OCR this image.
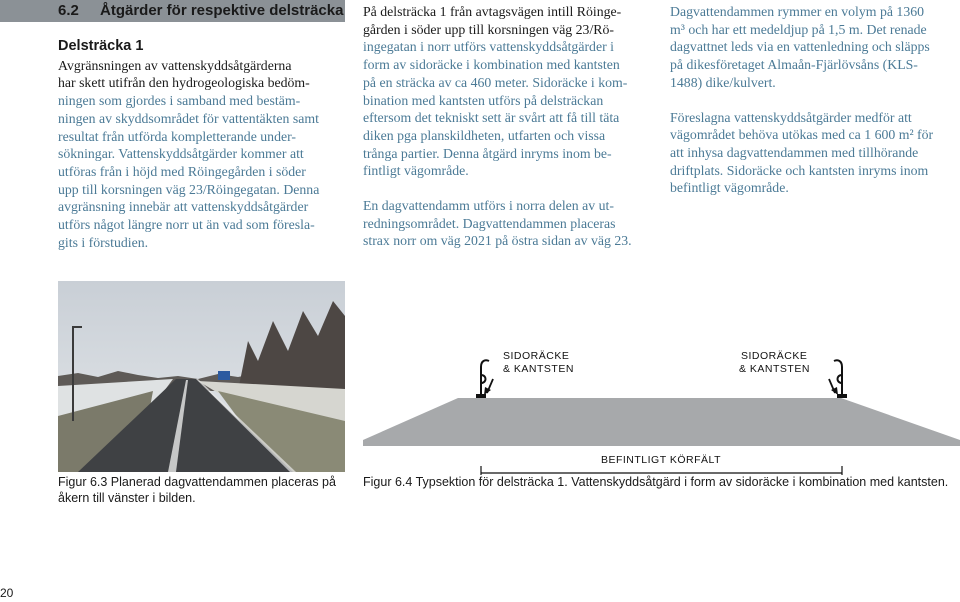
6.2 Åtgärder för respektive delsträcka

Delsträcka 1

Avgränsningen av vattenskyddsåtgärderna

har skett utifrån den hydrogeologiska bedöm-

ningen som gjordes i samband med bestäm-

ningen av skyddsområdet för vattentäkten samt

resultat från utförda kompletterande under-

sökningar. Vattenskyddsåtgärder kommer att

utföras från i höjd med Röingegården i söder

upp till korsningen väg 23/Röingegatan. Denna

avgränsning innebär att vattenskyddsåtgärder

utförs något längre norr ut än vad som föresla-

gits i förstudien.

På delsträcka 1 från avtagsvägen intill Röinge-

gården i söder upp till korsningen väg 23/Rö-

ingegatan i norr utförs vattenskyddsåtgärder i

form av sidoräcke i kombination med kantsten

på en sträcka av ca 460 meter. Sidoräcke i kom-

bination med kantsten utförs på delsträckan

eftersom det tekniskt sett är svårt att få till täta

diken pga planskildheten, utfarten och vissa

trånga partier. Denna åtgärd inryms inom be-

fintligt vägområde.

En dagvattendamm utförs i norra delen av ut-

redningsområdet. Dagvattendammen placeras

strax norr om väg 2021 på östra sidan av väg 23.

Dagvattendammen rymmer en volym på 1360

m³ och har ett medeldjup på 1,5 m. Det renade

dagvattnet leds via en vattenledning och släpps

på dikesföretaget Almaån-Fjärlövsåns (KLS-

1488) dike/kulvert.

Föreslagna vattenskyddsåtgärder medför att

vägområdet behöva utökas med ca 1 600 m² för

att inhysa dagvattendammen med tillhörande

driftplats. Sidoräcke och kantsten inryms inom

befintligt vägområde.

SIDORÄCKE
& KANTSTEN
SIDORÄCKE
& KANTSTEN
BEFINTLIGT KÖRFÄLT
Figur 6.3 Planerad dagvattendammen placeras på åkern till vänster i bilden.
Figur 6.4 Typsektion för delsträcka 1. Vattenskyddsåtgärd i form av sidoräcke i kombination med kantsten.
20
